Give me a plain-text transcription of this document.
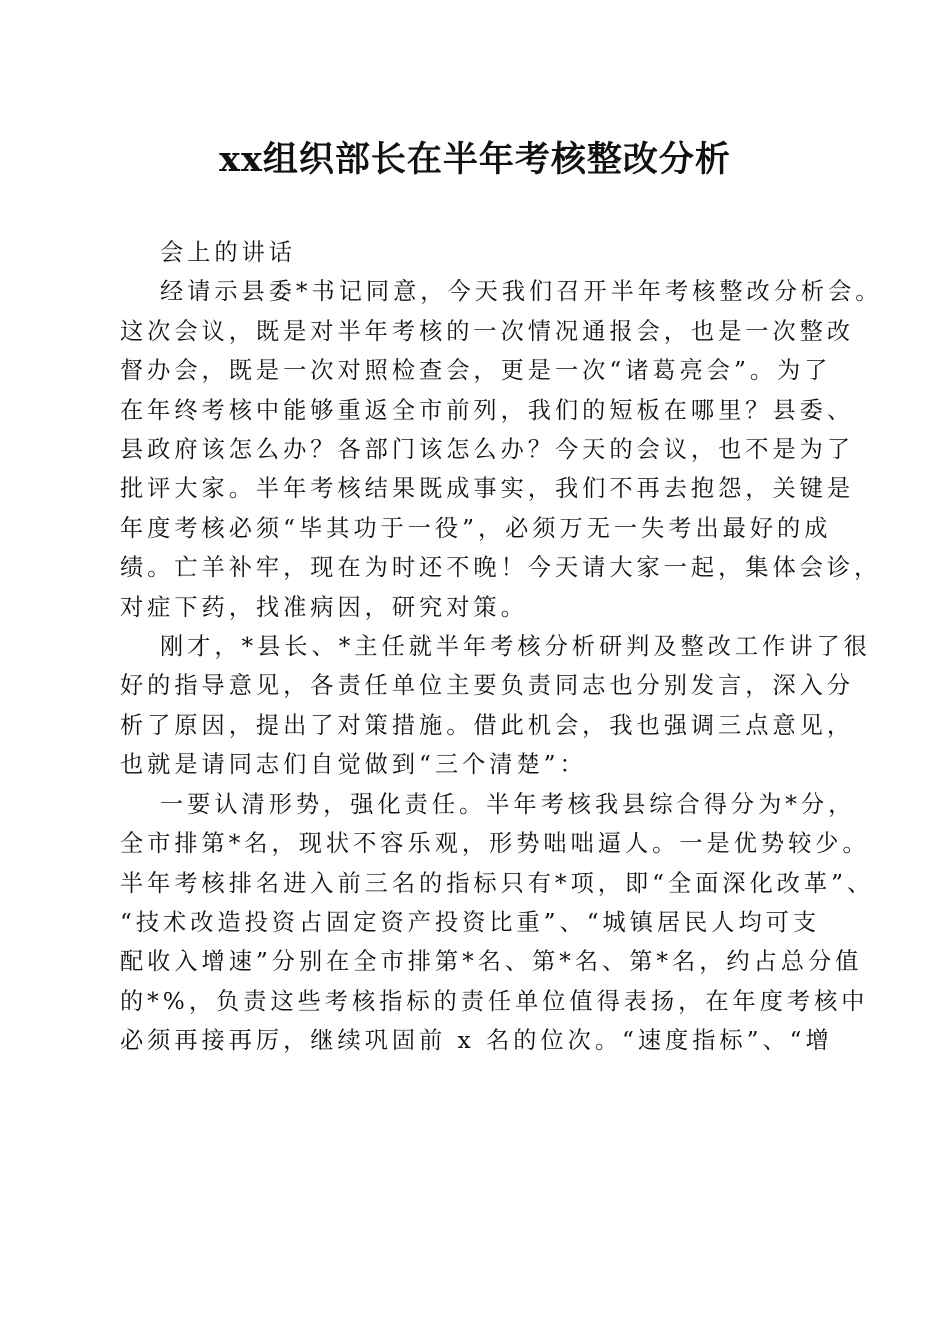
xx组织部长在半年考核整改分析

会上的讲话

经请示县委*书记同意，今天我们召开半年考核整改分析会。
这次会议，既是对半年考核的一次情况通报会，也是一次整改
督办会，既是一次对照检查会，更是一次“诸葛亮会”。为了
在年终考核中能够重返全市前列，我们的短板在哪里？县委、
县政府该怎么办？各部门该怎么办？今天的会议，也不是为了
批评大家。半年考核结果既成事实，我们不再去抱怨，关键是
年度考核必须“毕其功于一役”，必须万无一失考出最好的成
绩。亡羊补牢，现在为时还不晚！今天请大家一起，集体会诊，
对症下药，找准病因，研究对策。

刚才，*县长、*主任就半年考核分析研判及整改工作讲了很
好的指导意见，各责任单位主要负责同志也分别发言，深入分
析了原因，提出了对策措施。借此机会，我也强调三点意见，
也就是请同志们自觉做到“三个清楚”：

一要认清形势，强化责任。半年考核我县综合得分为*分，
全市排第*名，现状不容乐观，形势咄咄逼人。一是优势较少。
半年考核排名进入前三名的指标只有*项，即“全面深化改革”、
“技术改造投资占固定资产投资比重”、“城镇居民人均可支
配收入增速”分别在全市排第*名、第*名、第*名，约占总分值
的*%，负责这些考核指标的责任单位值得表扬，在年度考核中
必须再接再厉，继续巩固前 x 名的位次。“速度指标”、“增
